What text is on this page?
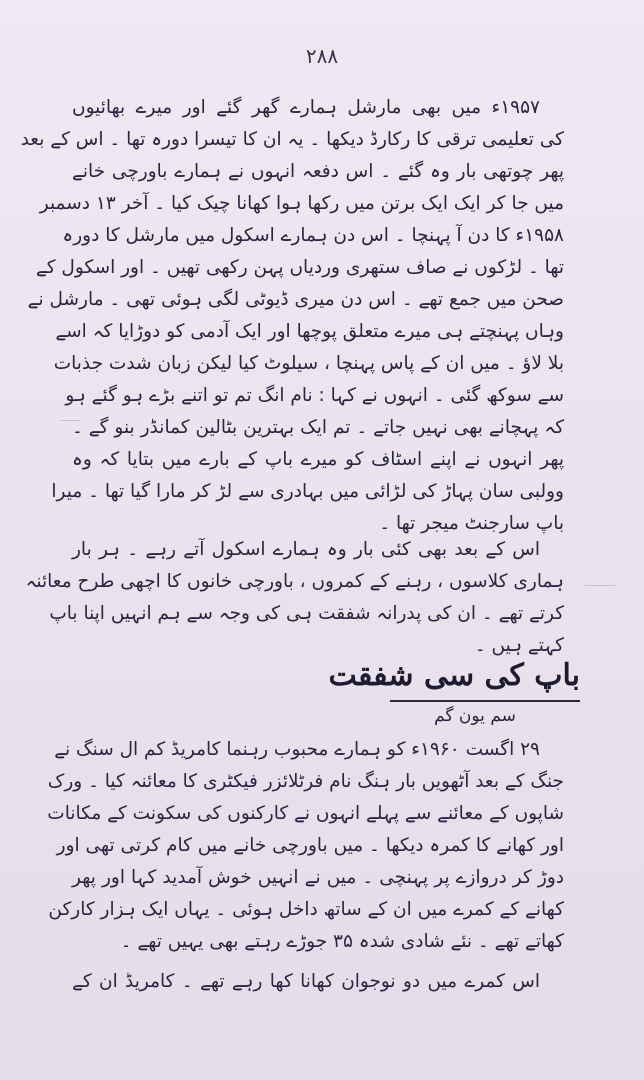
۲۸۸
۱۹۵۷ء میں بھی مارشل ہمارے گھر گئے اور میرے بھائیوں
کی تعلیمی ترقی کا رکارڈ دیکھا ۔ یہ ان کا تیسرا دورہ تھا ۔ اس کے بعد
پھر چوتھی بار وہ گئے ۔ اس دفعہ انہوں نے ہمارے باورچی خانے
میں جا کر ایک ایک برتن میں رکھا ہوا کھانا چیک کیا ۔ آخر ۱۳ دسمبر
۱۹۵۸ء کا دن آ پہنچا ۔ اس دن ہمارے اسکول میں مارشل کا دورہ
تھا ۔ لڑکوں نے صاف ستھری وردیاں پہن رکھی تھیں ۔ اور اسکول کے
صحن میں جمع تھے ۔ اس دن میری ڈیوٹی لگی ہوئی تھی ۔ مارشل نے
وہاں پہنچتے ہی میرے متعلق پوچھا اور ایک آدمی کو دوڑایا کہ اسے
بلا لاؤ ۔ میں ان کے پاس پہنچا ، سیلوٹ کیا لیکن زبان شدت جذبات
سے سوکھ گئی ۔ انہوں نے کہا : نام انگ تم تو اتنے بڑے ہو گئے ہو
کہ پہچانے بھی نہیں جاتے ۔ تم ایک بہترین بٹالین کمانڈر بنو گے ۔
پھر انہوں نے اپنے اسٹاف کو میرے باپ کے بارے میں بتایا کہ وہ
وولبی سان پہاڑ کی لڑائی میں بہادری سے لڑ کر مارا گیا تھا ۔ میرا
باپ سارجنٹ میجر تھا ۔
اس کے بعد بھی کئی بار وہ ہمارے اسکول آتے رہے ۔ ہر بار
ہماری کلاسوں ، رہنے کے کمروں ، باورچی خانوں کا اچھی طرح معائنہ
کرتے تھے ۔ ان کی پدرانہ شفقت ہی کی وجہ سے ہم انہیں اپنا باپ
کہتے ہیں ۔
باپ کی سی شفقت
سم یون گم
۲۹ اگست ۱۹۶۰ء کو ہمارے محبوب رہنما کامریڈ کم ال سنگ نے
جنگ کے بعد آٹھویں بار ہنگ نام فرٹلائزر فیکٹری کا معائنہ کیا ۔ ورک
شاپوں کے معائنے سے پہلے انہوں نے کارکنوں کی سکونت کے مکانات
اور کھانے کا کمرہ دیکھا ۔ میں باورچی خانے میں کام کرتی تھی اور
دوڑ کر دروازے پر پہنچی ۔ میں نے انہیں خوش آمدید کہا اور پھر
کھانے کے کمرے میں ان کے ساتھ داخل ہوئی ۔ یہاں ایک ہزار کارکن
کھاتے تھے ۔ نئے شادی شدہ ۳۵ جوڑے رہتے بھی یہیں تھے ۔
اس کمرے میں دو نوجوان کھانا کھا رہے تھے ۔ کامریڈ ان کے
